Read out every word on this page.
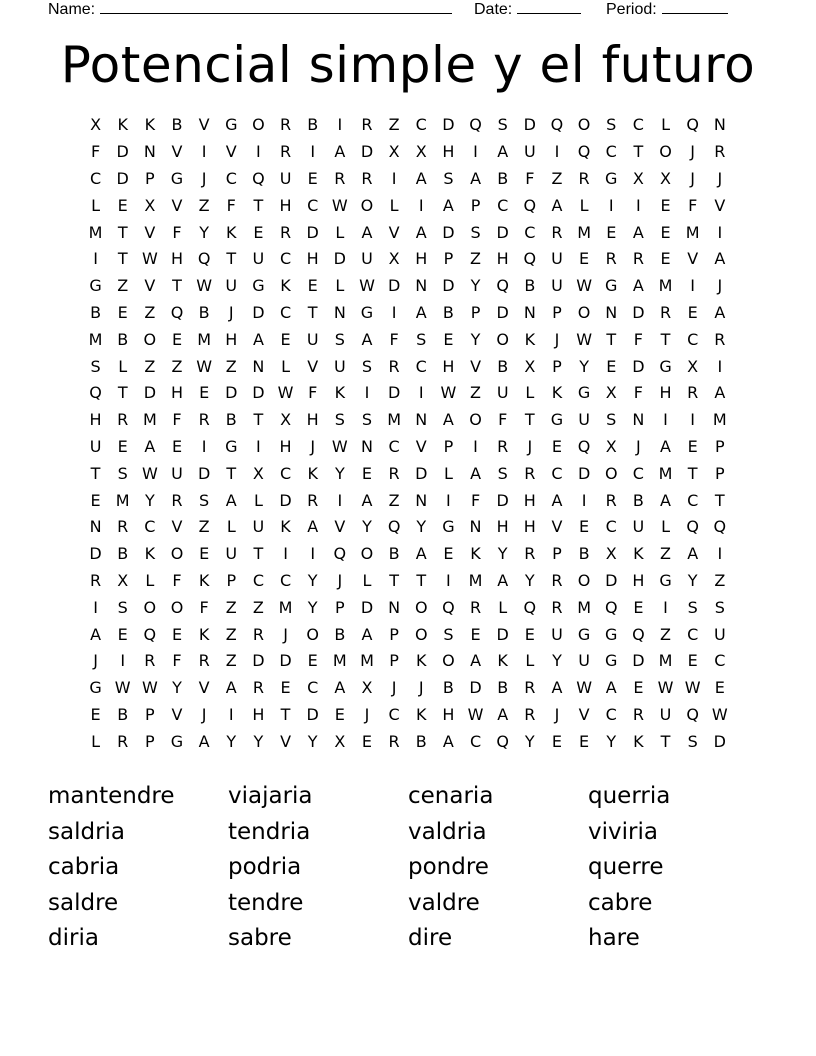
Name:	Date:	Period:
Potencial simple y el futuro
X	K	K	B	V G O R	B	I	R	Z	C D Q S D Q O S	C	L	Q N
F	D N V	I	V	I	R	I	A D X	X H	I	A U	I	Q C	T O	J	R
C D	P	G	J	C Q U	E	R	R	I	A	S	A	B	F	Z	R G X	X	J	J
L	E	X	V	Z	F	T	H C W O	L	I	A	P	C Q A	L	I	I	E	F	V
M T	V	F	Y	K	E	R D	L	A	V	A D S D C R M E	A	E M	I
I	T W H Q T	U C H D U X H	P	Z H Q U	E	R	R	E	V	A
G Z	V	T W U G K	E	L W D N D	Y Q B U W G A M	I	J
B	E	Z Q B	J	D C	T	N G	I	A	B	P	D N	P	O N D R	E	A
M B O E M H A	E	U	S	A	F	S	E	Y O K	J	W T	F	T	C R
S	L	Z	Z W Z N	L	V U	S	R	C H V	B	X	P	Y	E D G X	I
Q T	D H	E D D W F	K	I	D	I	W Z U	L	K G X	F	H R	A
H R M F	R	B	T	X H	S	S M N A O	F	T	G U	S	N	I	I	M
U	E	A	E	I	G	I	H	J	W N C	V	P	I	R	J	E Q X	J	A	E	P
T	S W U D	T	X	C	K	Y	E	R D	L	A	S	R	C D O C M T	P
E M Y	R	S	A	L	D R	I	A	Z N	I	F	D H A	I	R	B	A	C	T
N R	C	V	Z	L	U	K	A	V	Y Q Y	G N H H V	E	C U	L	Q Q
D B	K O E	U	T	I	I	Q O B	A	E	K	Y	R	P	B	X	K	Z	A	I
R	X	L	F	K	P	C C	Y	J	L	T	T	I	M A	Y	R O D H G	Y	Z
I	S O O	F	Z	Z M Y	P	D N O Q R	L	Q R M Q E	I	S	S
A	E Q E	K	Z	R	J	O B	A	P	O S	E D E	U G G Q Z	C U
J	I	R	F	R	Z D D E M M P	K O A	K	L	Y	U G D M E	C
G W W Y	V	A	R	E	C	A	X	J	J	B D B	R	A W A	E W W E
E	B	P	V	J	I	H	T	D E	J	C	K H W A	R	J	V	C R U Q W
L	R	P	G A	Y	Y	V	Y	X	E	R	B	A	C Q Y	E	E	Y	K	T	S D
mantendre	viajaria	cenaria	querria
saldria	tendria	valdria	viviria
cabria	podria	pondre	querre
saldre	tendre	valdre	cabre
diria	sabre	dire	hare
